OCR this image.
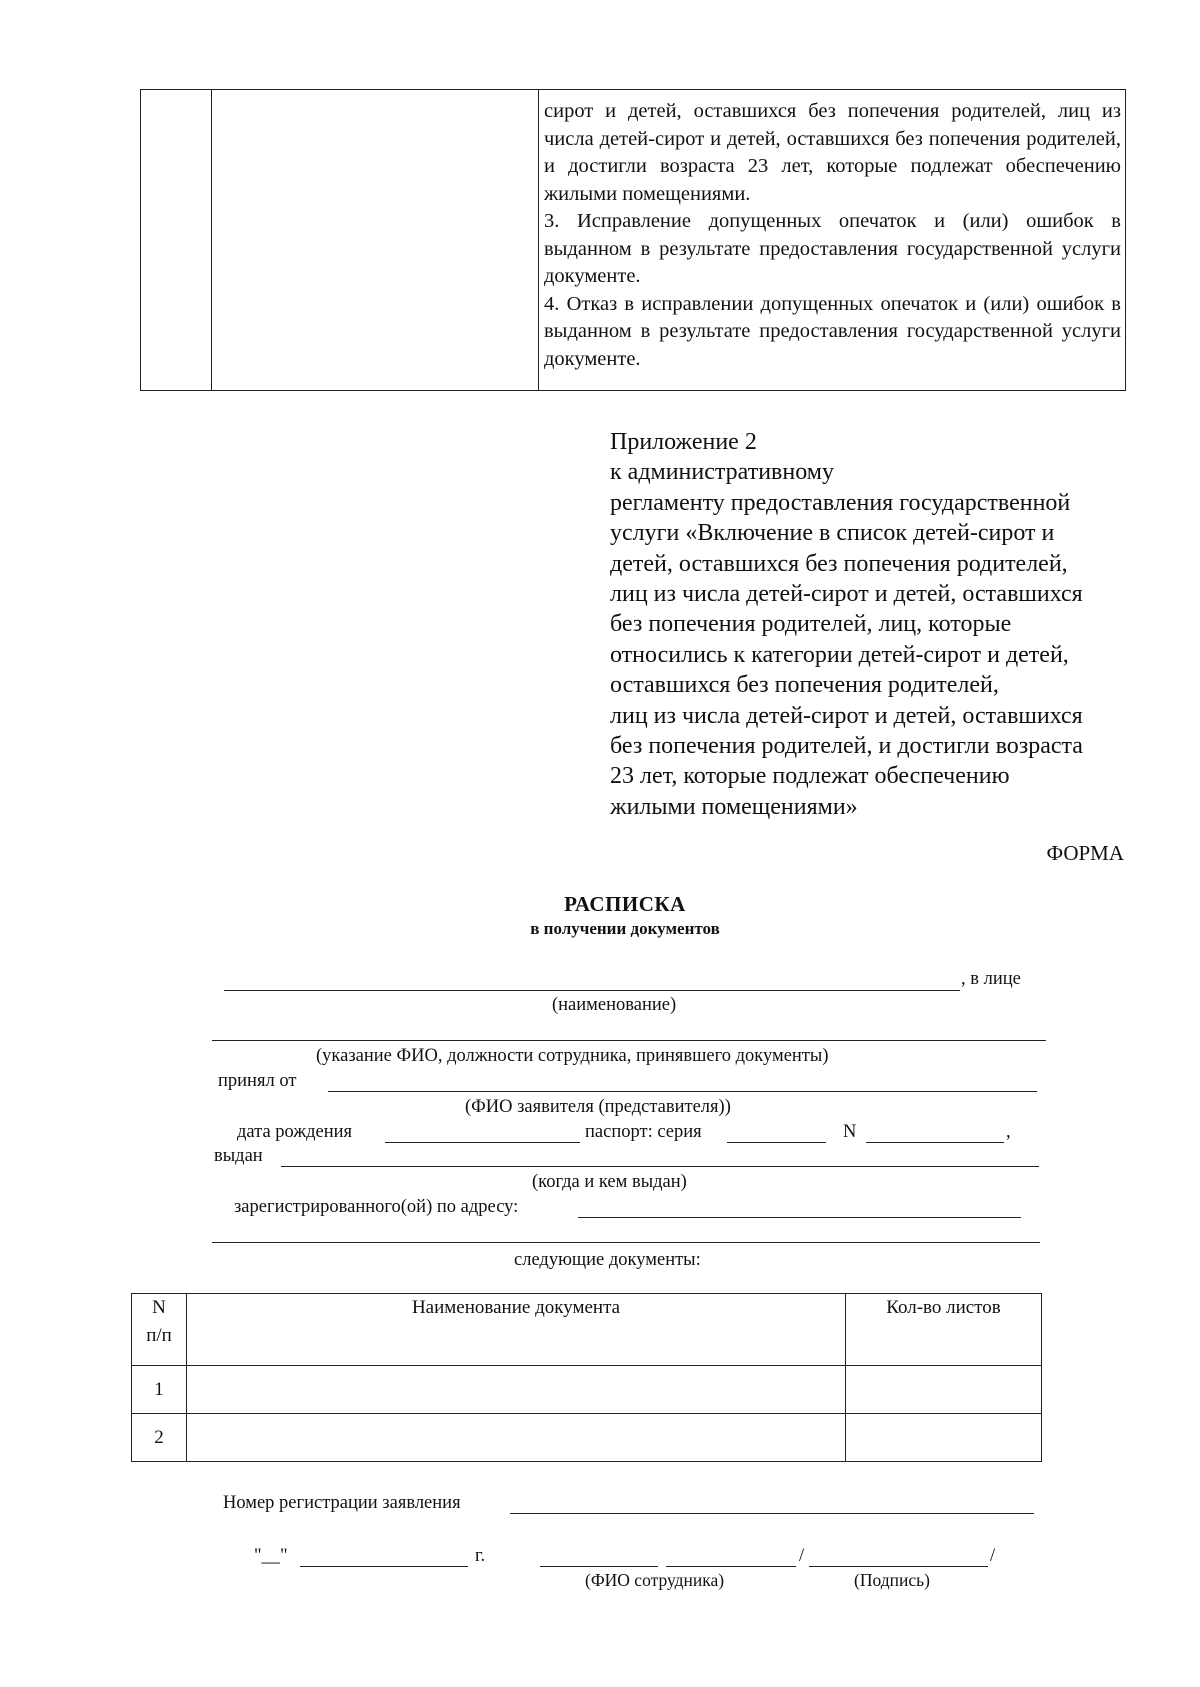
сирот и детей, оставшихся без попечения родителей, лиц из числа детей-сирот и детей, оставшихся без попечения родителей, и достигли возраста 23 лет, которые подлежат обеспечению жилыми помещениями.

3. Исправление допущенных опечаток и (или) ошибок в выданном в результате предоставления государственной услуги документе.

4. Отказ в исправлении допущенных опечаток и (или) ошибок в выданном в результате предоставления государственной услуги документе.

Приложение 2

к административному

регламенту предоставления государственной

услуги «Включение в список детей-сирот и

детей, оставшихся без попечения родителей,

лиц из числа детей-сирот и детей, оставшихся

без попечения родителей, лиц, которые

относились к категории детей-сирот и детей,

оставшихся без попечения родителей,

лиц из числа детей-сирот и детей, оставшихся

без попечения родителей, и достигли возраста

23 лет, которые подлежат обеспечению

жилыми помещениями»

ФОРМА
РАСПИСКА
в получении документов
, в лице
(наименование)
(указание ФИО, должности сотрудника, принявшего документы)
принял от
(ФИО заявителя (представителя))
дата рождения	паспорт: серия	N	,
выдан
(когда и кем выдан)
зарегистрированного(ой) по адресу:
следующие документы:
N
п/п	Наименование документа	Кол-во листов
1		
2		
Номер регистрации заявления
"__"	г.	/	/
(ФИО сотрудника)	(Подпись)
